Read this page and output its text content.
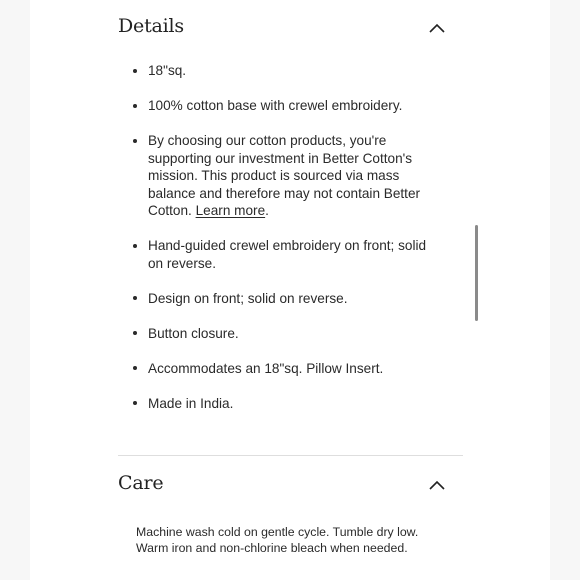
Details
18"sq.
100% cotton base with crewel embroidery.
By choosing our cotton products, you're supporting our investment in Better Cotton's mission. This product is sourced via mass balance and therefore may not contain Better Cotton. Learn more.
Hand-guided crewel embroidery on front; solid on reverse.
Design on front; solid on reverse.
Button closure.
Accommodates an 18"sq. Pillow Insert.
Made in India.
Care
Machine wash cold on gentle cycle. Tumble dry low.
Warm iron and non-chlorine bleach when needed.
